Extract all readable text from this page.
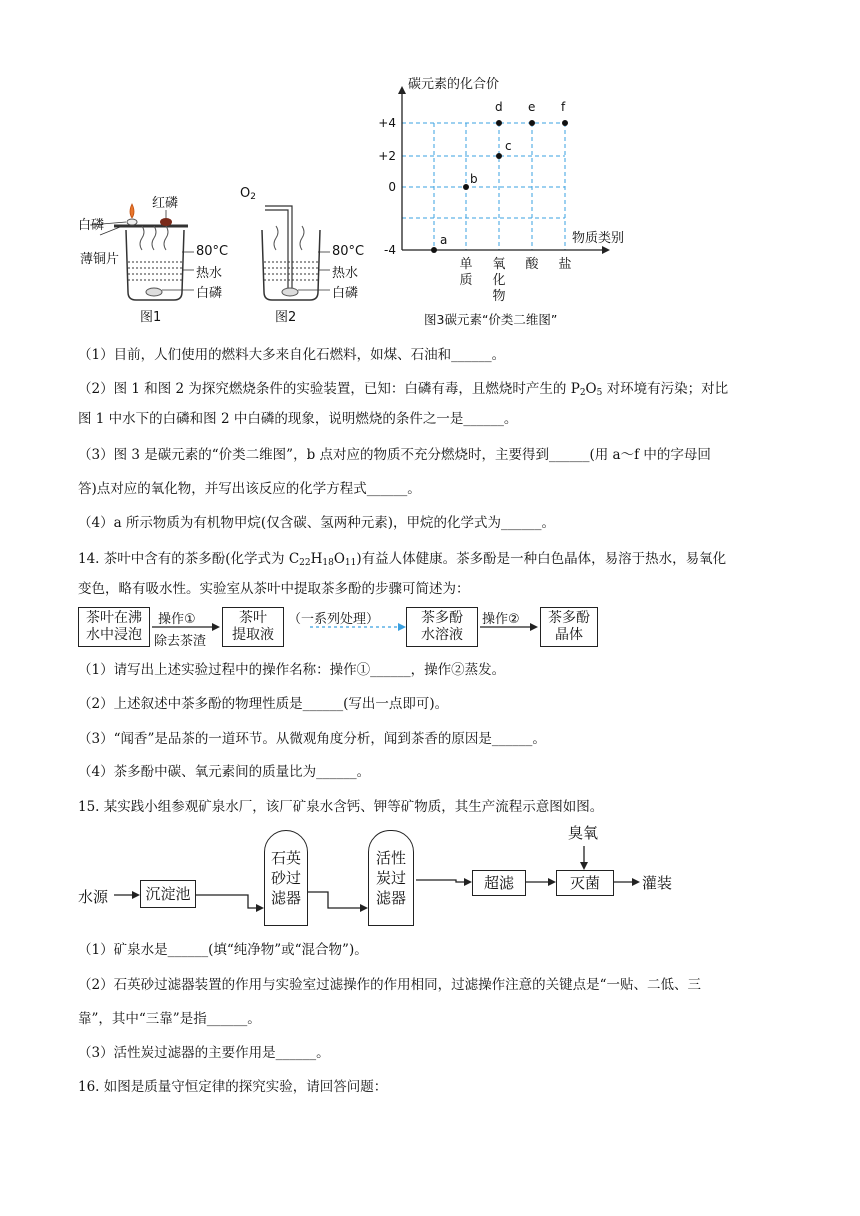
红磷
白磷
薄铜片
80°C
热水
白磷
$O_2$
80°C
热水
白磷
图1	图2
碳元素的化合价
物质类别
+4
+2
0
-4
单
质
氧
化
物
酸 盐
a
b
c
d e f
图3碳元素“价类二维图”
（1）目前，人们使用的燃料大多来自化石燃料，如煤、石油和______。
（2）图 1 和图 2 为探究燃烧条件的实验装置，已知：白磷有毒，且燃烧时产生的 $P_2O_5$ 对环境有污染；对比
图 1 中水下的白磷和图 2 中白磷的现象，说明燃烧的条件之一是______。
（3）图 3 是碳元素的“价类二维图”，b 点对应的物质不充分燃烧时，主要得到______(用 a～f 中的字母回
答)点对应的氧化物，并写出该反应的化学方程式______。
（4）a 所示物质为有机物甲烷(仅含碳、氢两种元素)，甲烷的化学式为______。
14. 茶叶中含有的茶多酚(化学式为 $C_{22}H_{18}O_{11}$)有益人体健康。茶多酚是一种白色晶体，易溶于热水，易氧化
变色，略有吸水性。实验室从茶叶中提取茶多酚的步骤可简述为：
茶叶在沸
水中浸泡
操作①
除去茶渣
茶叶
提取液
（一系列处理）	茶多酚
水溶液
操作②	茶多酚
晶体
（1）请写出上述实验过程中的操作名称：操作①______，操作②蒸发。
（2）上述叙述中茶多酚的物理性质是______(写出一点即可)。
（3）“闻香”是品茶的一道环节。从微观角度分析，闻到茶香的原因是______。
（4）茶多酚中碳、氧元素间的质量比为______。
15. 某实践小组参观矿泉水厂，该厂矿泉水含钙、钾等矿物质，其生产流程示意图如图。
水源	沉淀池
石英
砂过
滤器
活性
炭过
滤器
超滤
臭氧
灭菌	灌装
（1）矿泉水是______(填“纯净物”或“混合物”)。
（2）石英砂过滤器装置的作用与实验室过滤操作的作用相同，过滤操作注意的关键点是“一贴、二低、三
靠”，其中“三靠”是指______。
（3）活性炭过滤器的主要作用是______。
16. 如图是质量守恒定律的探究实验，请回答问题：
